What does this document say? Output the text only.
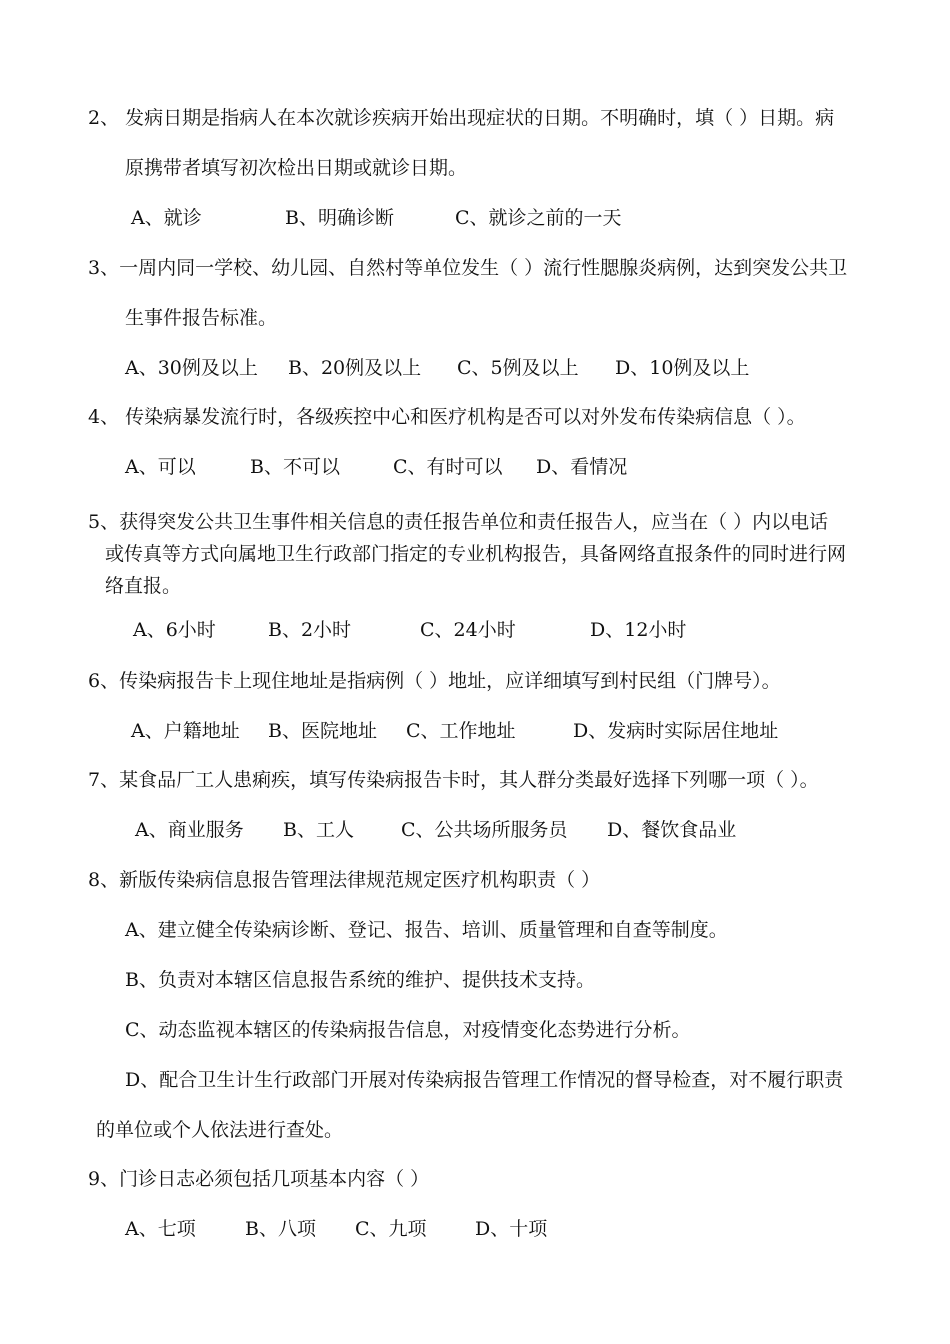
2、 发病日期是指病人在本次就诊疾病开始出现症状的日期。不明确时，填（ ）日期。病
原携带者填写初次检出日期或就诊日期。
A、就诊	B、明确诊断	C、就诊之前的一天
3、一周内同一学校、幼儿园、自然村等单位发生（ ）流行性腮腺炎病例，达到突发公共卫
生事件报告标准。
A、30例及以上 B、20例及以上 C、5例及以上 D、10例及以上
4、 传染病暴发流行时，各级疾控中心和医疗机构是否可以对外发布传染病信息（ ）。
A、可以	B、不可以	C、有时可以 D、看情况
5、获得突发公共卫生事件相关信息的责任报告单位和责任报告人，应当在（ ）内以电话
或传真等方式向属地卫生行政部门指定的专业机构报告，具备网络直报条件的同时进行网
络直报。
A、6小时	B、2小时	C、24小时	D、12小时
6、传染病报告卡上现住地址是指病例（ ）地址，应详细填写到村民组（门牌号）。
A、户籍地址 B、医院地址 C、工作地址	D、发病时实际居住地址
7、某食品厂工人患痢疾，填写传染病报告卡时，其人群分类最好选择下列哪一项（ ）。
A、商业服务 B、工人 C、公共场所服务员 D、餐饮食品业
8、新版传染病信息报告管理法律规范规定医疗机构职责（ ）
A、建立健全传染病诊断、登记、报告、培训、质量管理和自查等制度。
B、负责对本辖区信息报告系统的维护、提供技术支持。
C、动态监视本辖区的传染病报告信息，对疫情变化态势进行分析。
D、配合卫生计生行政部门开展对传染病报告管理工作情况的督导检查，对不履行职责
的单位或个人依法进行查处。
9、门诊日志必须包括几项基本内容（ ）
A、七项	B、八项 C、九项	D、十项
